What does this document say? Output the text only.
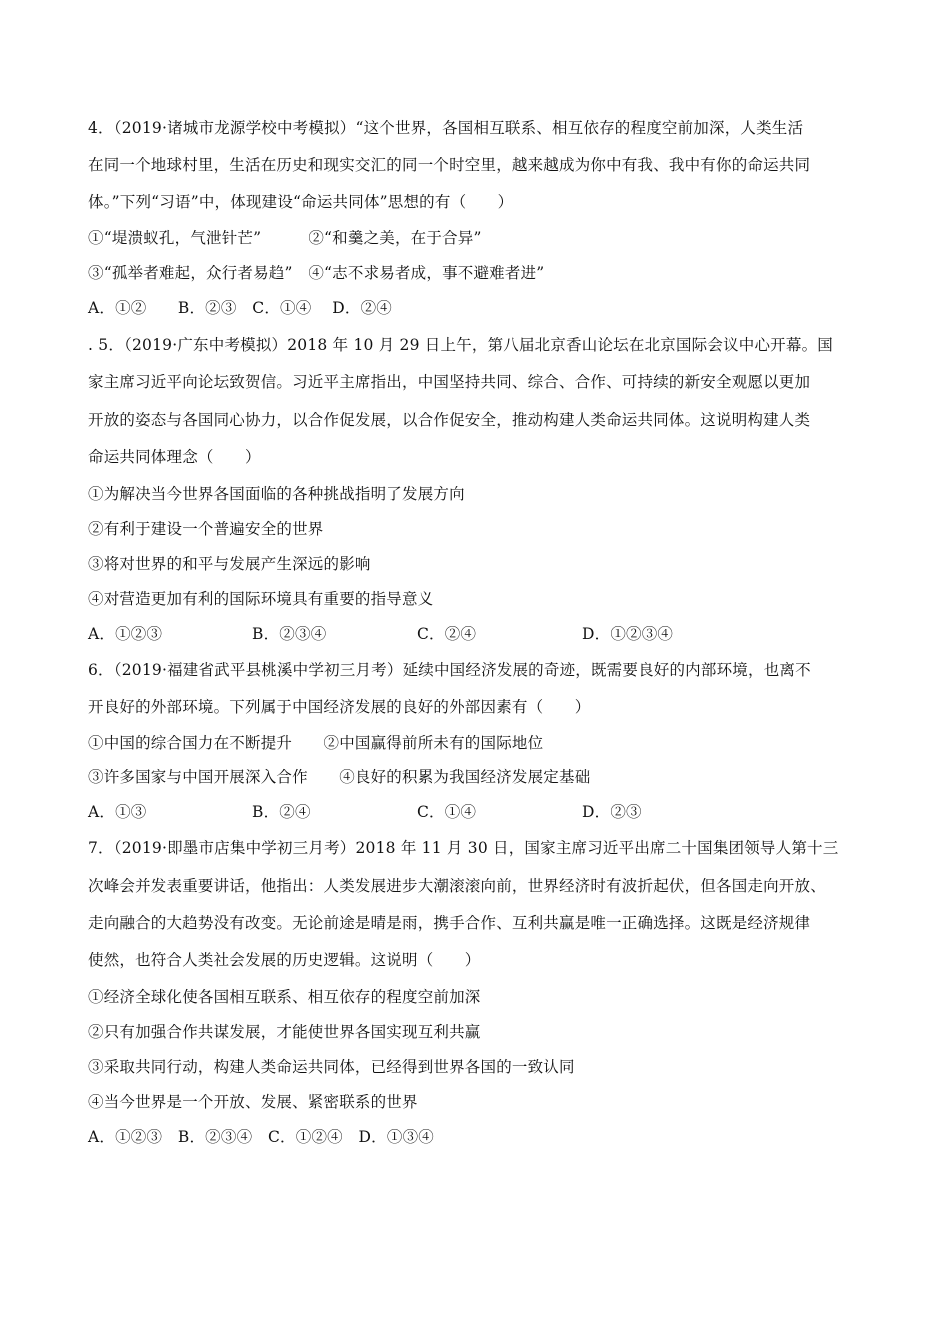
4．（2019·诸城市龙源学校中考模拟）“这个世界，各国相互联系、相互依存的程度空前加深，人类生活
在同一个地球村里，生活在历史和现实交汇的同一个时空里，越来越成为你中有我、我中有你的命运共同
体。”下列“习语”中，体现建设“命运共同体”思想的有（　　）
①“堤溃蚁孔，气泄针芒”　　　②“和羹之美，在于合异”
③“孤举者难起，众行者易趋”　④“志不求易者成，事不避难者进”
A．①②　　B．②③　C．①④　 D．②④
. 5．（2019·广东中考模拟）2018 年 10 月 29 日上午，第八届北京香山论坛在北京国际会议中心开幕。国
家主席习近平向论坛致贺信。习近平主席指出，中国坚持共同、综合、合作、可持续的新安全观愿以更加
开放的姿态与各国同心协力，以合作促发展，以合作促安全，推动构建人类命运共同体。这说明构建人类
命运共同体理念（　　）
①为解决当今世界各国面临的各种挑战指明了发展方向
②有利于建设一个普遍安全的世界
③将对世界的和平与发展产生深远的影响
④对营造更加有利的国际环境具有重要的指导意义
A．①②③	B．②③④	C．②④	D．①②③④
6．（2019·福建省武平县桃溪中学初三月考）延续中国经济发展的奇迹，既需要良好的内部环境，也离不
开良好的外部环境。下列属于中国经济发展的良好的外部因素有（　　）
①中国的综合国力在不断提升　　②中国赢得前所未有的国际地位
③许多国家与中国开展深入合作　　④良好的积累为我国经济发展定基础
A．①③	B．②④	C．①④	D．②③
7．（2019·即墨市店集中学初三月考）2018 年 11 月 30 日，国家主席习近平出席二十国集团领导人第十三
次峰会并发表重要讲话，他指出：人类发展进步大潮滚滚向前，世界经济时有波折起伏，但各国走向开放、
走向融合的大趋势没有改变。无论前途是晴是雨，携手合作、互利共赢是唯一正确选择。这既是经济规律
使然，也符合人类社会发展的历史逻辑。这说明（　　）
①经济全球化使各国相互联系、相互依存的程度空前加深
②只有加强合作共谋发展，才能使世界各国实现互利共赢
③采取共同行动，构建人类命运共同体，已经得到世界各国的一致认同
④当今世界是一个开放、发展、紧密联系的世界
A．①②③　B．②③④　C．①②④　D．①③④
